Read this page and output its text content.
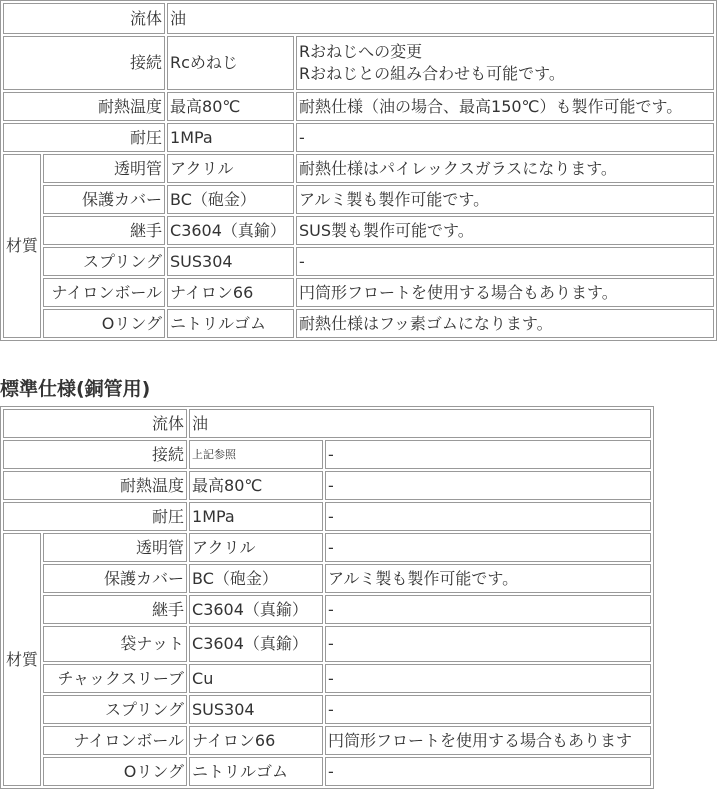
流体		油	
接続		Rcめねじ	Rおねじへの変更
Rおねじとの組み合わせも可能です。

耐熱温度		最高80℃	耐熱仕様（油の場合、最高150℃）も製作可能です。
耐圧		1MPa	-
材質	透明管	アクリル	耐熱仕様はパイレックスガラスになります。
	保護カバー	BC（砲金）	アルミ製も製作可能です。
	継手	C3604（真鍮）	SUS製も製作可能です。
	スプリング	SUS304	-
	ナイロンボール	ナイロン66	円筒形フロートを使用する場合もあります。
	Oリング	ニトリルゴム	耐熱仕様はフッ素ゴムになります。
標準仕様(銅管用)
流体		油	
接続		上記参照	-
耐熱温度		最高80℃	-
耐圧		1MPa	-
材質	透明管	アクリル	-
	保護カバー	BC（砲金）	アルミ製も製作可能です。
	継手	C3604（真鍮）	-
	袋ナット	C3604（真鍮）	-
	チャックスリーブ	Cu	-
	スプリング	SUS304	-
	ナイロンボール	ナイロン66	円筒形フロートを使用する場合もあります
	Oリング	ニトリルゴム	-
